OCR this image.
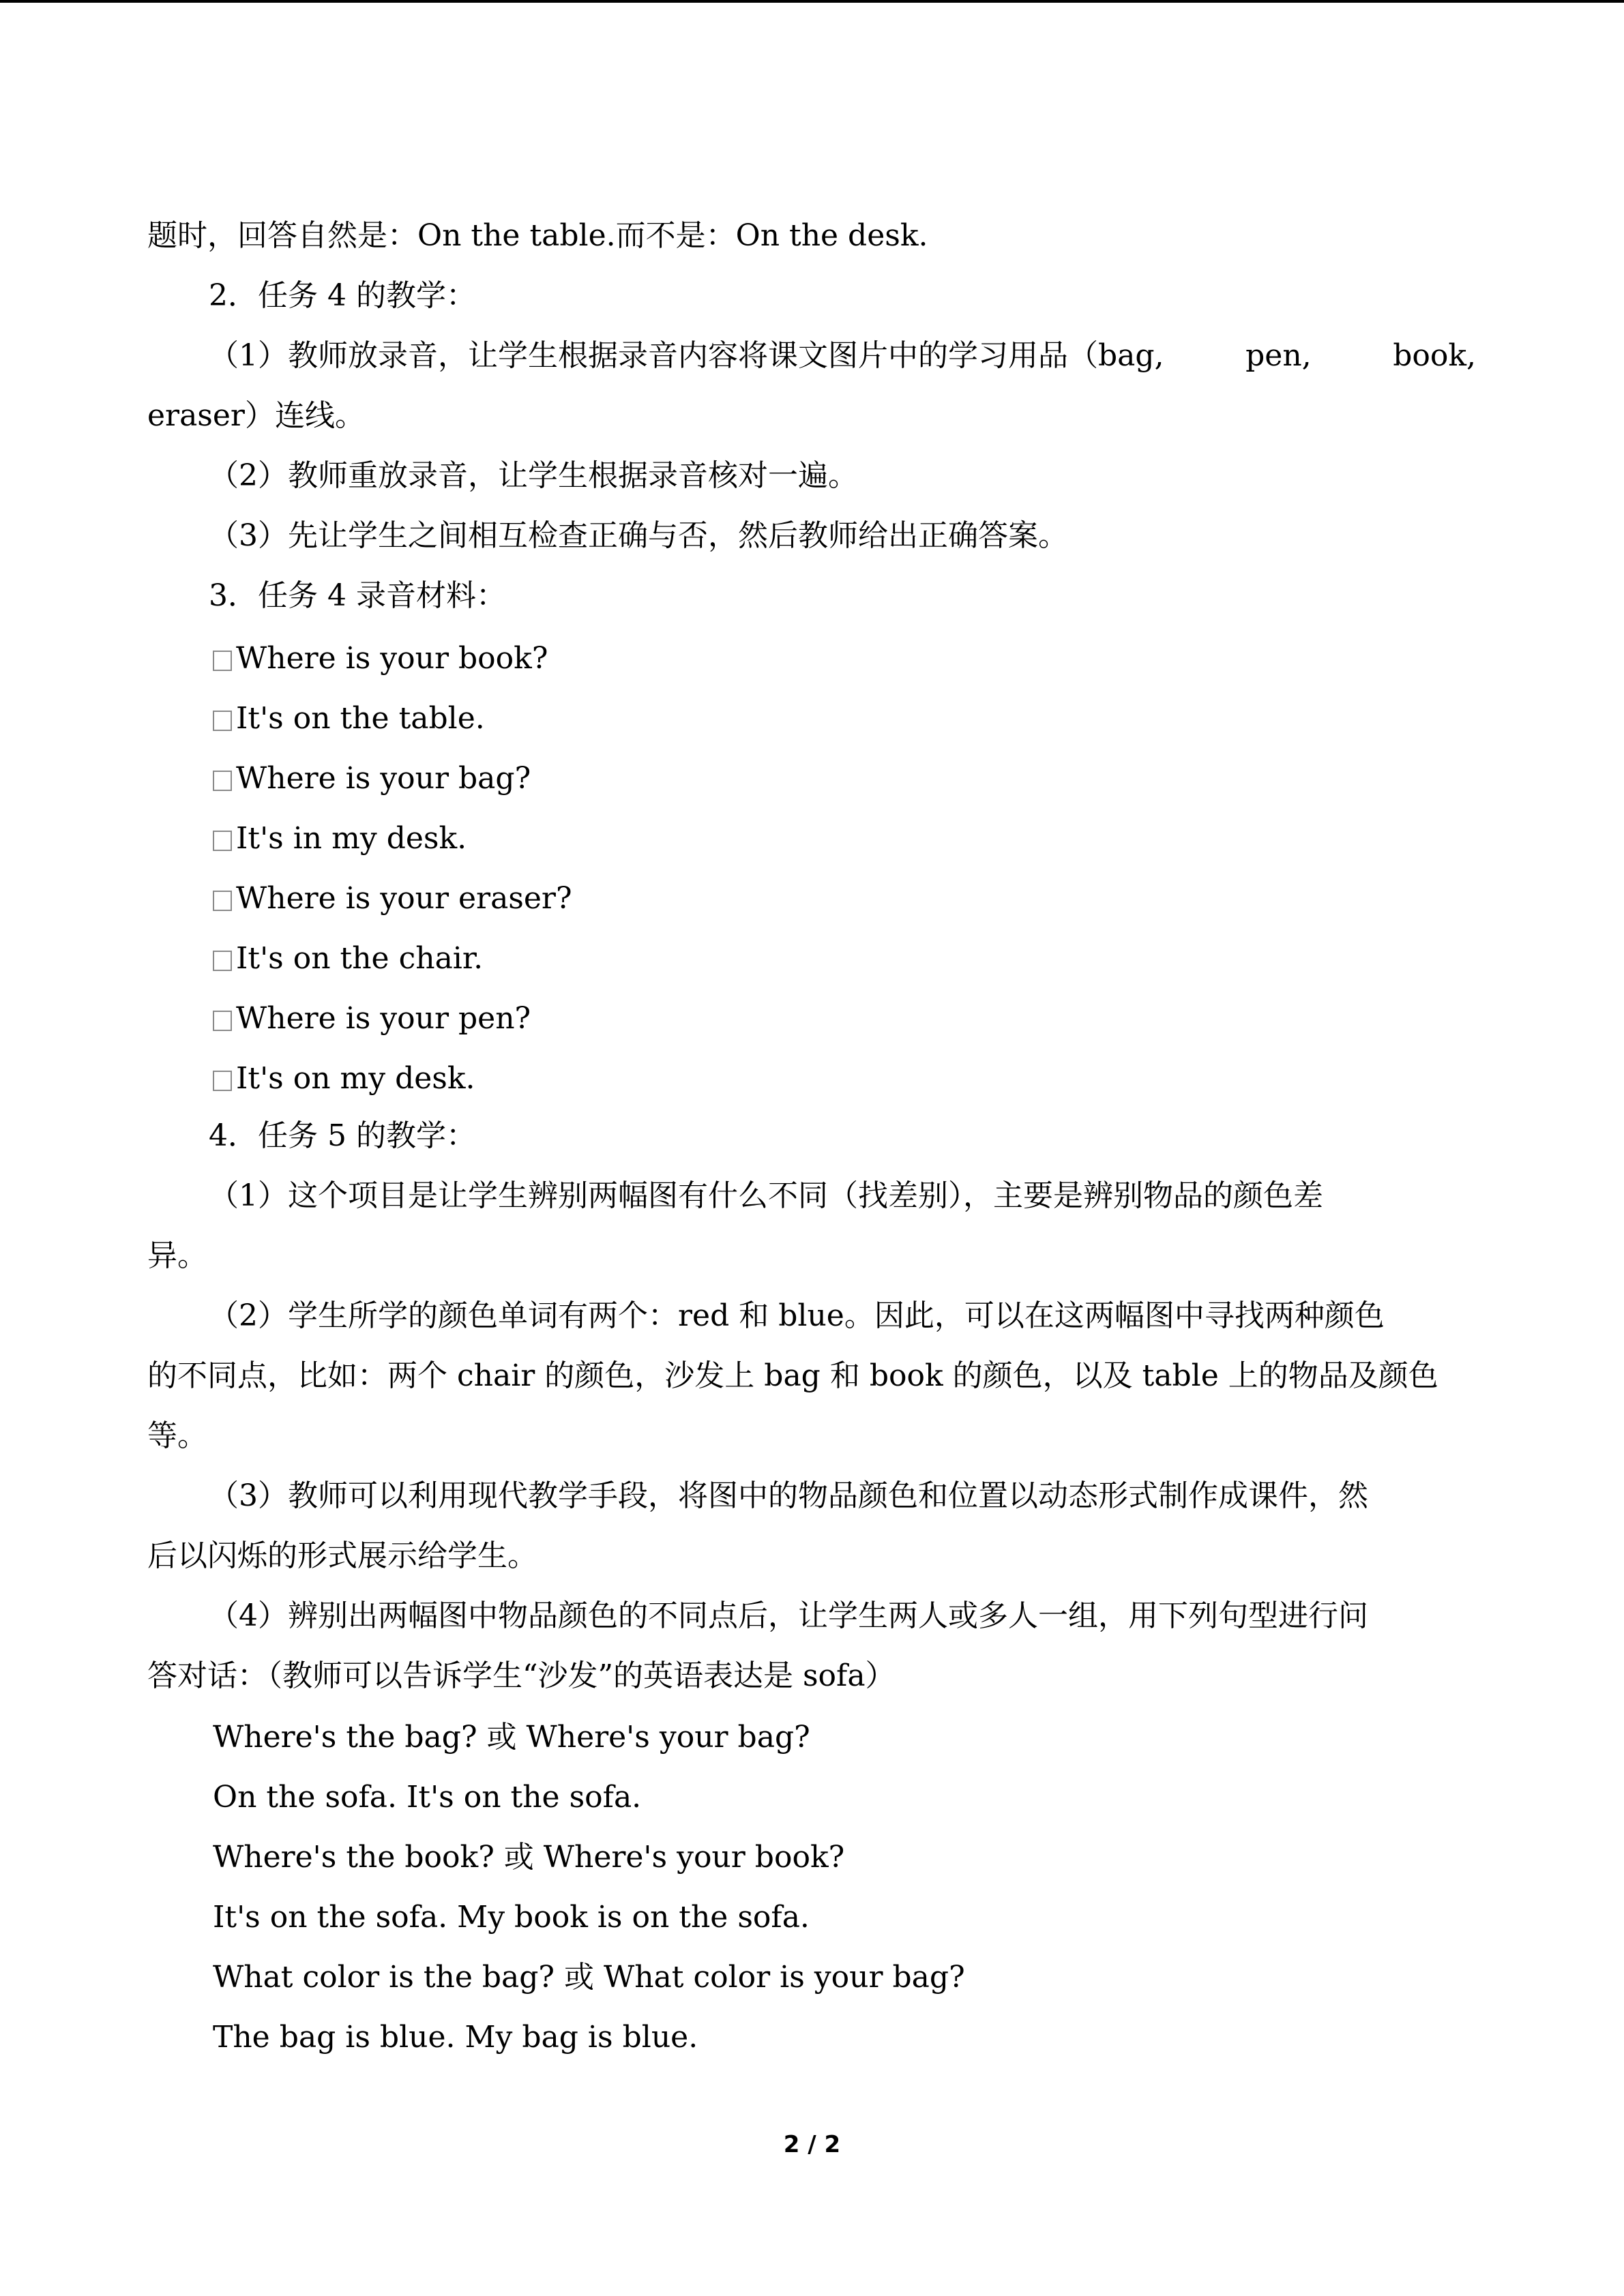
题时，回答自然是：On the table.而不是：On the desk.
2．任务 4 的教学：
（1）教师放录音，让学生根据录音内容将课文图片中的学习用品（bag,	pen,	book,
eraser）连线。
（2）教师重放录音，让学生根据录音核对一遍。
（3）先让学生之间相互检查正确与否，然后教师给出正确答案。
3．任务 4 录音材料：
Where is your book?
It's on the table.
Where is your bag?
It's in my desk.
Where is your eraser?
It's on the chair.
Where is your pen?
It's on my desk.
4．任务 5 的教学：
（1）这个项目是让学生辨别两幅图有什么不同（找差别），主要是辨别物品的颜色差
异。
（2）学生所学的颜色单词有两个：red 和 blue。因此，可以在这两幅图中寻找两种颜色
的不同点，比如：两个 chair 的颜色，沙发上 bag 和 book 的颜色，以及 table 上的物品及颜色
等。
（3）教师可以利用现代教学手段，将图中的物品颜色和位置以动态形式制作成课件，然
后以闪烁的形式展示给学生。
（4）辨别出两幅图中物品颜色的不同点后，让学生两人或多人一组，用下列句型进行问
答对话：（教师可以告诉学生“沙发”的英语表达是 sofa）
Where's the bag? 或 Where's your bag?
On the sofa. It's on the sofa.
Where's the book? 或 Where's your book?
It's on the sofa. My book is on the sofa.
What color is the bag? 或 What color is your bag?
The bag is blue. My bag is blue.
2 / 2
